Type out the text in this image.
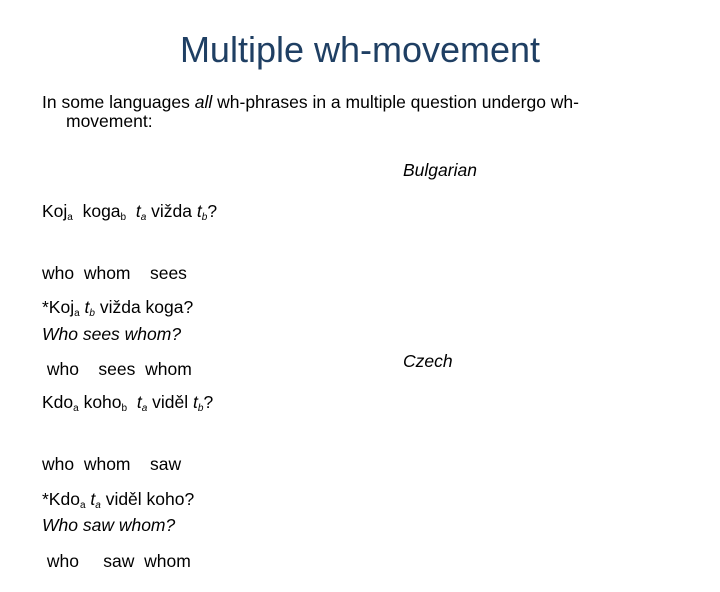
Multiple wh-movement
In some languages all wh-phrases in a multiple question undergo wh-
movement:

Koj$_a$ koga$_b$ $t_a$ vižda $t_b$?

who  whom    sees

Who sees whom?

Bulgarian

*Koj$_a$ $t_b$ vižda koga?

who    sees  whom

Kdo$_a$ koho$_b$ $t_a$ viděl $t_b$?

who  whom    saw

Who saw whom?

Czech

*Kdo$_a$ $t_a$ viděl koho?

who     saw  whom
